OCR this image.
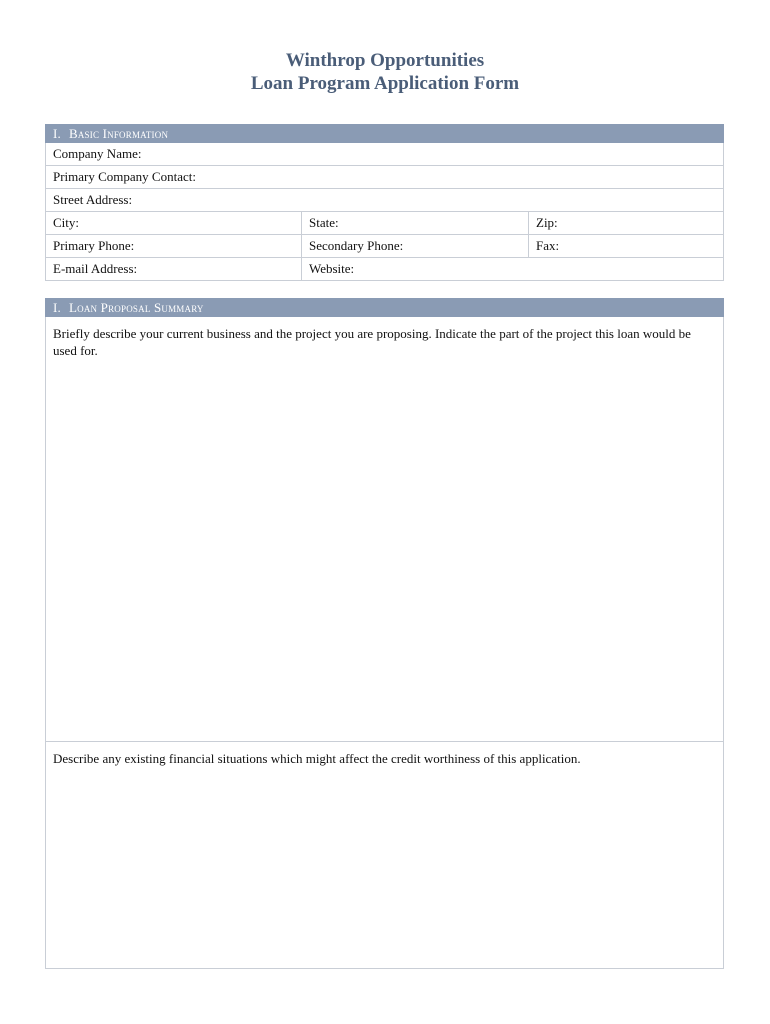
Winthrop Opportunities
Loan Program Application Form
I. Basic Information
Company Name:
Primary Company Contact:
Street Address:
City:	State:	Zip:
Primary Phone:	Secondary Phone:	Fax:
E-mail Address:	Website:
I. Loan Proposal Summary
Briefly describe your current business and the project you are proposing. Indicate the part of the project this loan would be used for.
Describe any existing financial situations which might affect the credit worthiness of this application.
